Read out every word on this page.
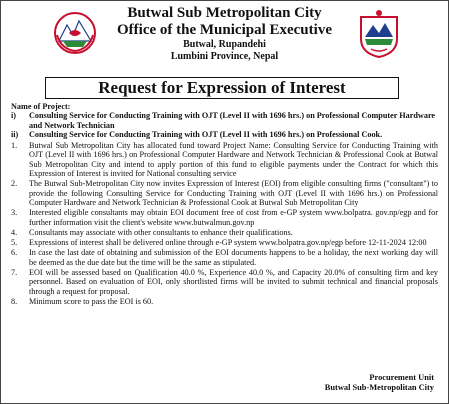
Butwal Sub Metropolitan City
Office of the Municipal Executive
Butwal, Rupandehi
Lumbini Province, Nepal
Request for Expression of Interest
Name of Project:
i)	Consulting Service for Conducting Training with OJT (Level II with 1696 hrs.) on Professional Computer Hardware and Network Technician
ii)	Consulting Service for Conducting Training with OJT (Level II with 1696 hrs.) on Professional Cook.
1.	Butwal Sub Metropolitan City has allocated fund toward Project Name: Consulting Service for Conducting Training with OJT (Level II with 1696 hrs.) on Professional Computer Hardware and Network Technician & Professional Cook at Butwal Sub Metropolitan City and intend to apply portion of this fund to eligible payments under the Contract for which this Expression of Interest is invited for National consulting service
2.	The Butwal Sub-Metropolitan City now invites Expression of Interest (EOI) from eligible consulting firms ("consultant") to provide the following Consulting Service for Conducting Training with OJT (Level II with 1696 hrs.) on Professional Computer Hardware and Network Technician & Professional Cook at Butwal Sub Metropolitan City
3.	Interested eligible consultants may obtain EOI document free of cost from e-GP system www.bolpatra. gov.np/egp and for further information visit the client's website www.butwalmun.gov.np
4.	Consultants may associate with other consultants to enhance their qualifications.
5.	Expressions of interest shall be delivered online through e-GP system www.bolpatra.gov.np/egp before 12-11-2024 12:00
6.	In case the last date of obtaining and submission of the EOI documents happens to be a holiday, the next working day will be deemed as the due date but the time will be the same as stipulated.
7.	EOI will be assessed based on Qualification 40.0 %, Experience 40.0 %, and Capacity 20.0% of consulting firm and key personnel. Based on evaluation of EOI, only shortlisted firms will be invited to submit technical and financial proposals through a request for proposal.
8.	Minimum score to pass the EOI is 60.
Procurement Unit
Butwal Sub-Metropolitan City
